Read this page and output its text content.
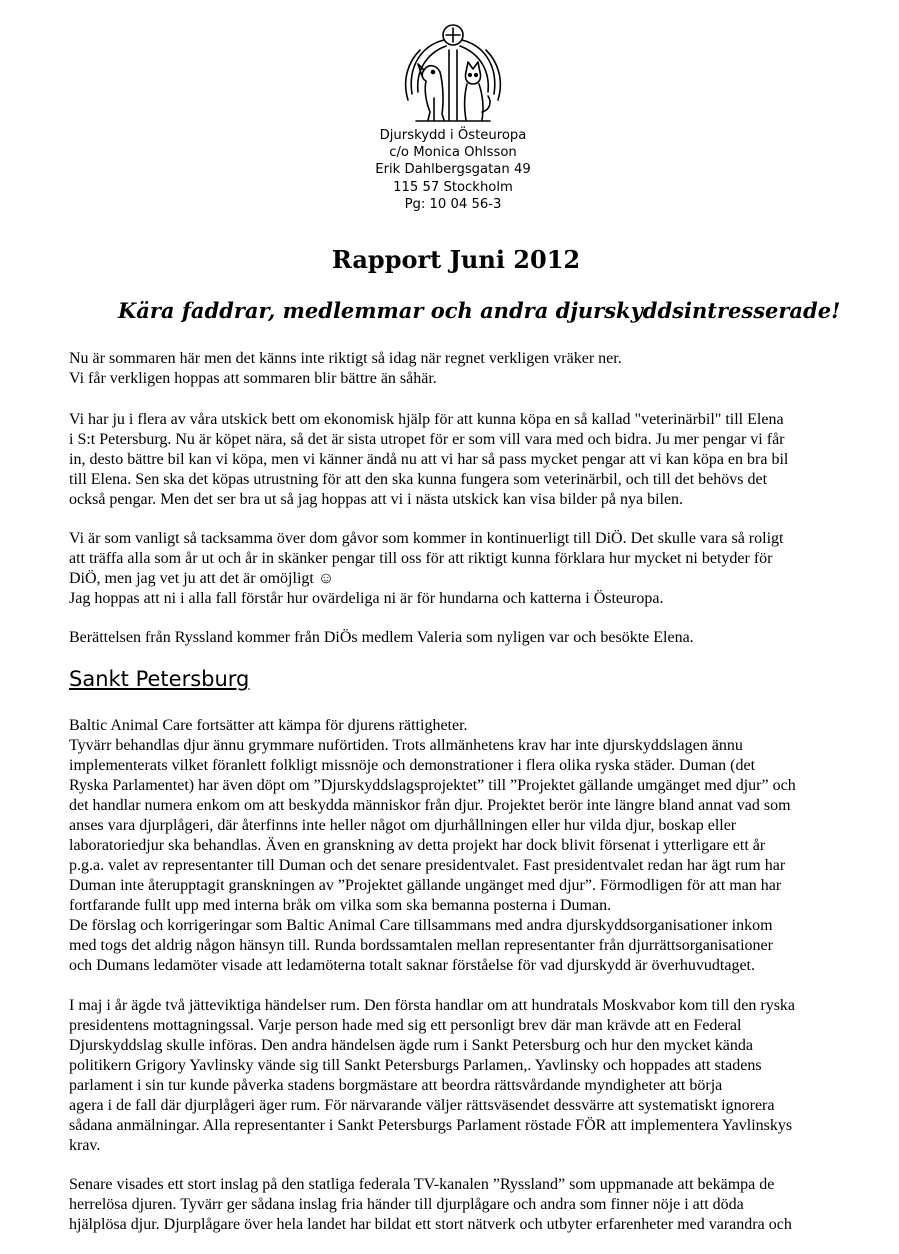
Djurskydd i Östeuropa
c/o Monica Ohlsson
Erik Dahlbergsgatan 49
115 57 Stockholm
Pg: 10 04 56-3
Rapport Juni 2012
Kära faddrar, medlemmar och andra djurskyddsintresserade!
Nu är sommaren här men det känns inte riktigt så idag när regnet verkligen vräker ner.
Vi får verkligen hoppas att sommaren blir bättre än såhär.
Vi har ju i flera av våra utskick bett om ekonomisk hjälp för att kunna köpa en så kallad "veterinärbil" till Elena
i S:t Petersburg. Nu är köpet nära, så det är sista utropet för er som vill vara med och bidra. Ju mer pengar vi får
in, desto bättre bil kan vi köpa, men vi känner ändå nu att vi har så pass mycket pengar att vi kan köpa en bra bil
till Elena. Sen ska det köpas utrustning för att den ska kunna fungera som veterinärbil, och till det behövs det
också pengar. Men det ser bra ut så jag hoppas att vi i nästa utskick kan visa bilder på nya bilen.
Vi är som vanligt så tacksamma över dom gåvor som kommer in kontinuerligt till DiÖ. Det skulle vara så roligt
att träffa alla som år ut och år in skänker pengar till oss för att riktigt kunna förklara hur mycket ni betyder för
DiÖ, men jag vet ju att det är omöjligt ☺
Jag hoppas att ni i alla fall förstår hur ovärdeliga ni är för hundarna och katterna i Östeuropa.
Berättelsen från Ryssland kommer från DiÖs medlem Valeria som nyligen var och besökte Elena.
Sankt Petersburg
Baltic Animal Care fortsätter att kämpa för djurens rättigheter.
Tyvärr behandlas djur ännu grymmare nuförtiden. Trots allmänhetens krav har inte djurskyddslagen ännu
implementerats vilket föranlett folkligt missnöje och demonstrationer i flera olika ryska städer. Duman (det
Ryska Parlamentet) har även döpt om ”Djurskyddslagsprojektet” till ”Projektet gällande umgänget med djur” och
det handlar numera enkom om att beskydda människor från djur. Projektet berör inte längre bland annat vad som
anses vara djurplågeri, där återfinns inte heller något om djurhållningen eller hur vilda djur, boskap eller
laboratoriedjur ska behandlas. Även en granskning av detta projekt har dock blivit försenat i ytterligare ett år
p.g.a. valet av representanter till Duman och det senare presidentvalet. Fast presidentvalet redan har ägt rum har
Duman inte återupptagit granskningen av ”Projektet gällande ungänget med djur”. Förmodligen för att man har
fortfarande fullt upp med interna bråk om vilka som ska bemanna posterna i Duman.
De förslag och korrigeringar som Baltic Animal Care tillsammans med andra djurskyddsorganisationer inkom
med togs det aldrig någon hänsyn till. Runda bordssamtalen mellan representanter från djurrättsorganisationer
och Dumans ledamöter visade att ledamöterna totalt saknar förståelse för vad djurskydd är överhuvudtaget.
I maj i år ägde två jätteviktiga händelser rum. Den första handlar om att hundratals Moskvabor kom till den ryska
presidentens mottagningssal. Varje person hade med sig ett personligt brev där man krävde att en Federal
Djurskyddslag skulle införas. Den andra händelsen ägde rum i Sankt Petersburg och hur den mycket kända
politikern Grigory Yavlinsky vände sig till Sankt Petersburgs Parlamen,. Yavlinsky och hoppades att stadens
parlament i sin tur kunde påverka stadens borgmästare att beordra rättsvårdande myndigheter att börja
agera i de fall där djurplågeri äger rum. För närvarande väljer rättsväsendet dessvärre att systematiskt ignorera
sådana anmälningar. Alla representanter i Sankt Petersburgs Parlament röstade FÖR att implementera Yavlinskys
krav.
Senare visades ett stort inslag på den statliga federala TV-kanalen ”Ryssland” som uppmanade att bekämpa de
herrelösa djuren. Tyvärr ger sådana inslag fria händer till djurplågare och andra som finner nöje i att döda
hjälplösa djur. Djurplågare över hela landet har bildat ett stort nätverk och utbyter erfarenheter med varandra och
